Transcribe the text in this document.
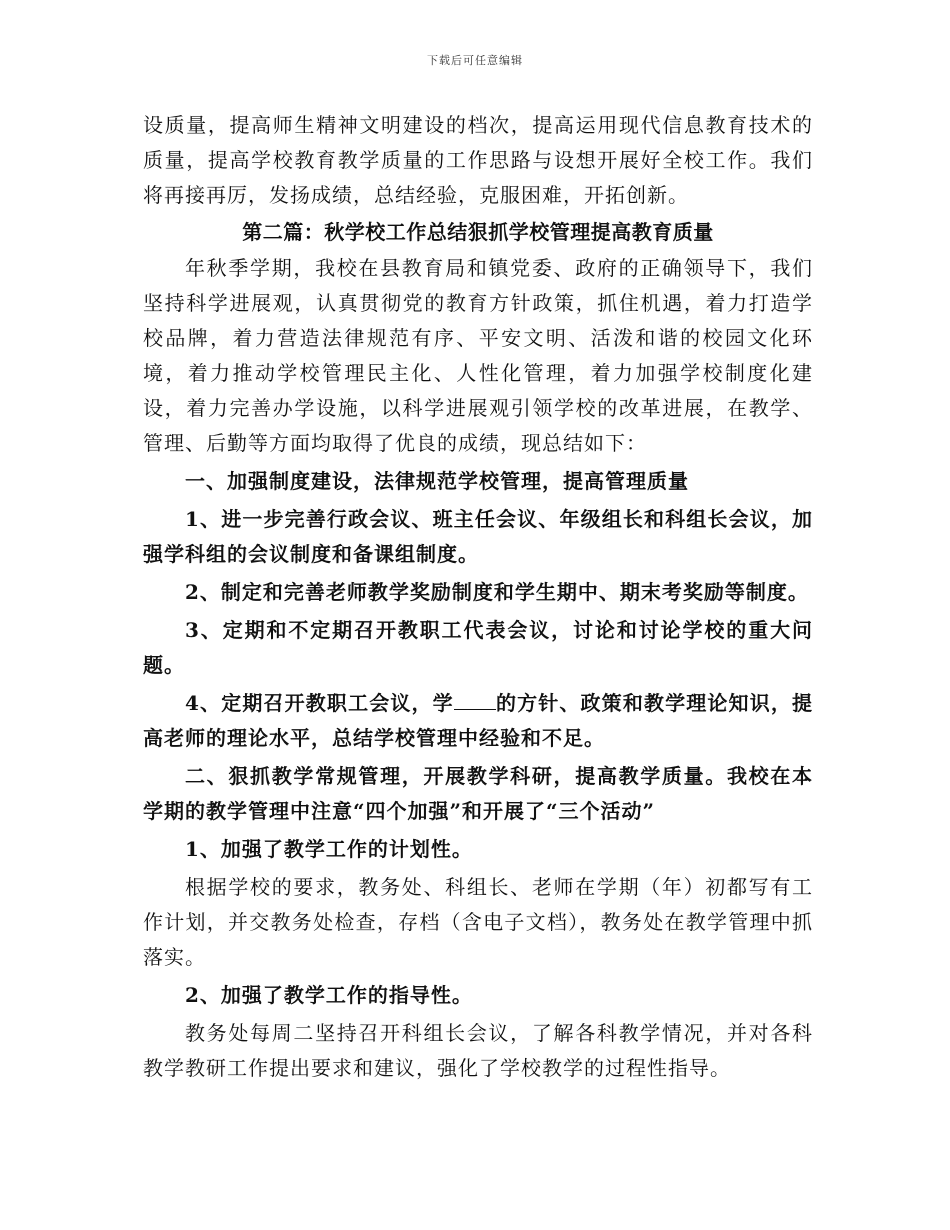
下载后可任意编辑

设质量，提高师生精神文明建设的档次，提高运用现代信息教育技术的质量，提高学校教育教学质量的工作思路与设想开展好全校工作。我们将再接再厉，发扬成绩，总结经验，克服困难，开拓创新。

第二篇：秋学校工作总结狠抓学校管理提高教育质量

年秋季学期，我校在县教育局和镇党委、政府的正确领导下，我们坚持科学进展观，认真贯彻党的教育方针政策，抓住机遇，着力打造学校品牌，着力营造法律规范有序、平安文明、活泼和谐的校园文化环境，着力推动学校管理民主化、人性化管理，着力加强学校制度化建设，着力完善办学设施，以科学进展观引领学校的改革进展，在教学、管理、后勤等方面均取得了优良的成绩，现总结如下：

一、加强制度建设，法律规范学校管理，提高管理质量

1、进一步完善行政会议、班主任会议、年级组长和科组长会议，加强学科组的会议制度和备课组制度。

2、制定和完善老师教学奖励制度和学生期中、期末考奖励等制度。

3、定期和不定期召开教职工代表会议，讨论和讨论学校的重大问题。

4、定期召开教职工会议，学 的方针、政策和教学理论知识，提高老师的理论水平，总结学校管理中经验和不足。

二、狠抓教学常规管理，开展教学科研，提高教学质量。我校在本学期的教学管理中注意“四个加强”和开展了“三个活动”

1、加强了教学工作的计划性。

根据学校的要求，教务处、科组长、老师在学期（年）初都写有工作计划，并交教务处检查，存档（含电子文档），教务处在教学管理中抓落实。

2、加强了教学工作的指导性。

教务处每周二坚持召开科组长会议，了解各科教学情况，并对各科教学教研工作提出要求和建议，强化了学校教学的过程性指导。
